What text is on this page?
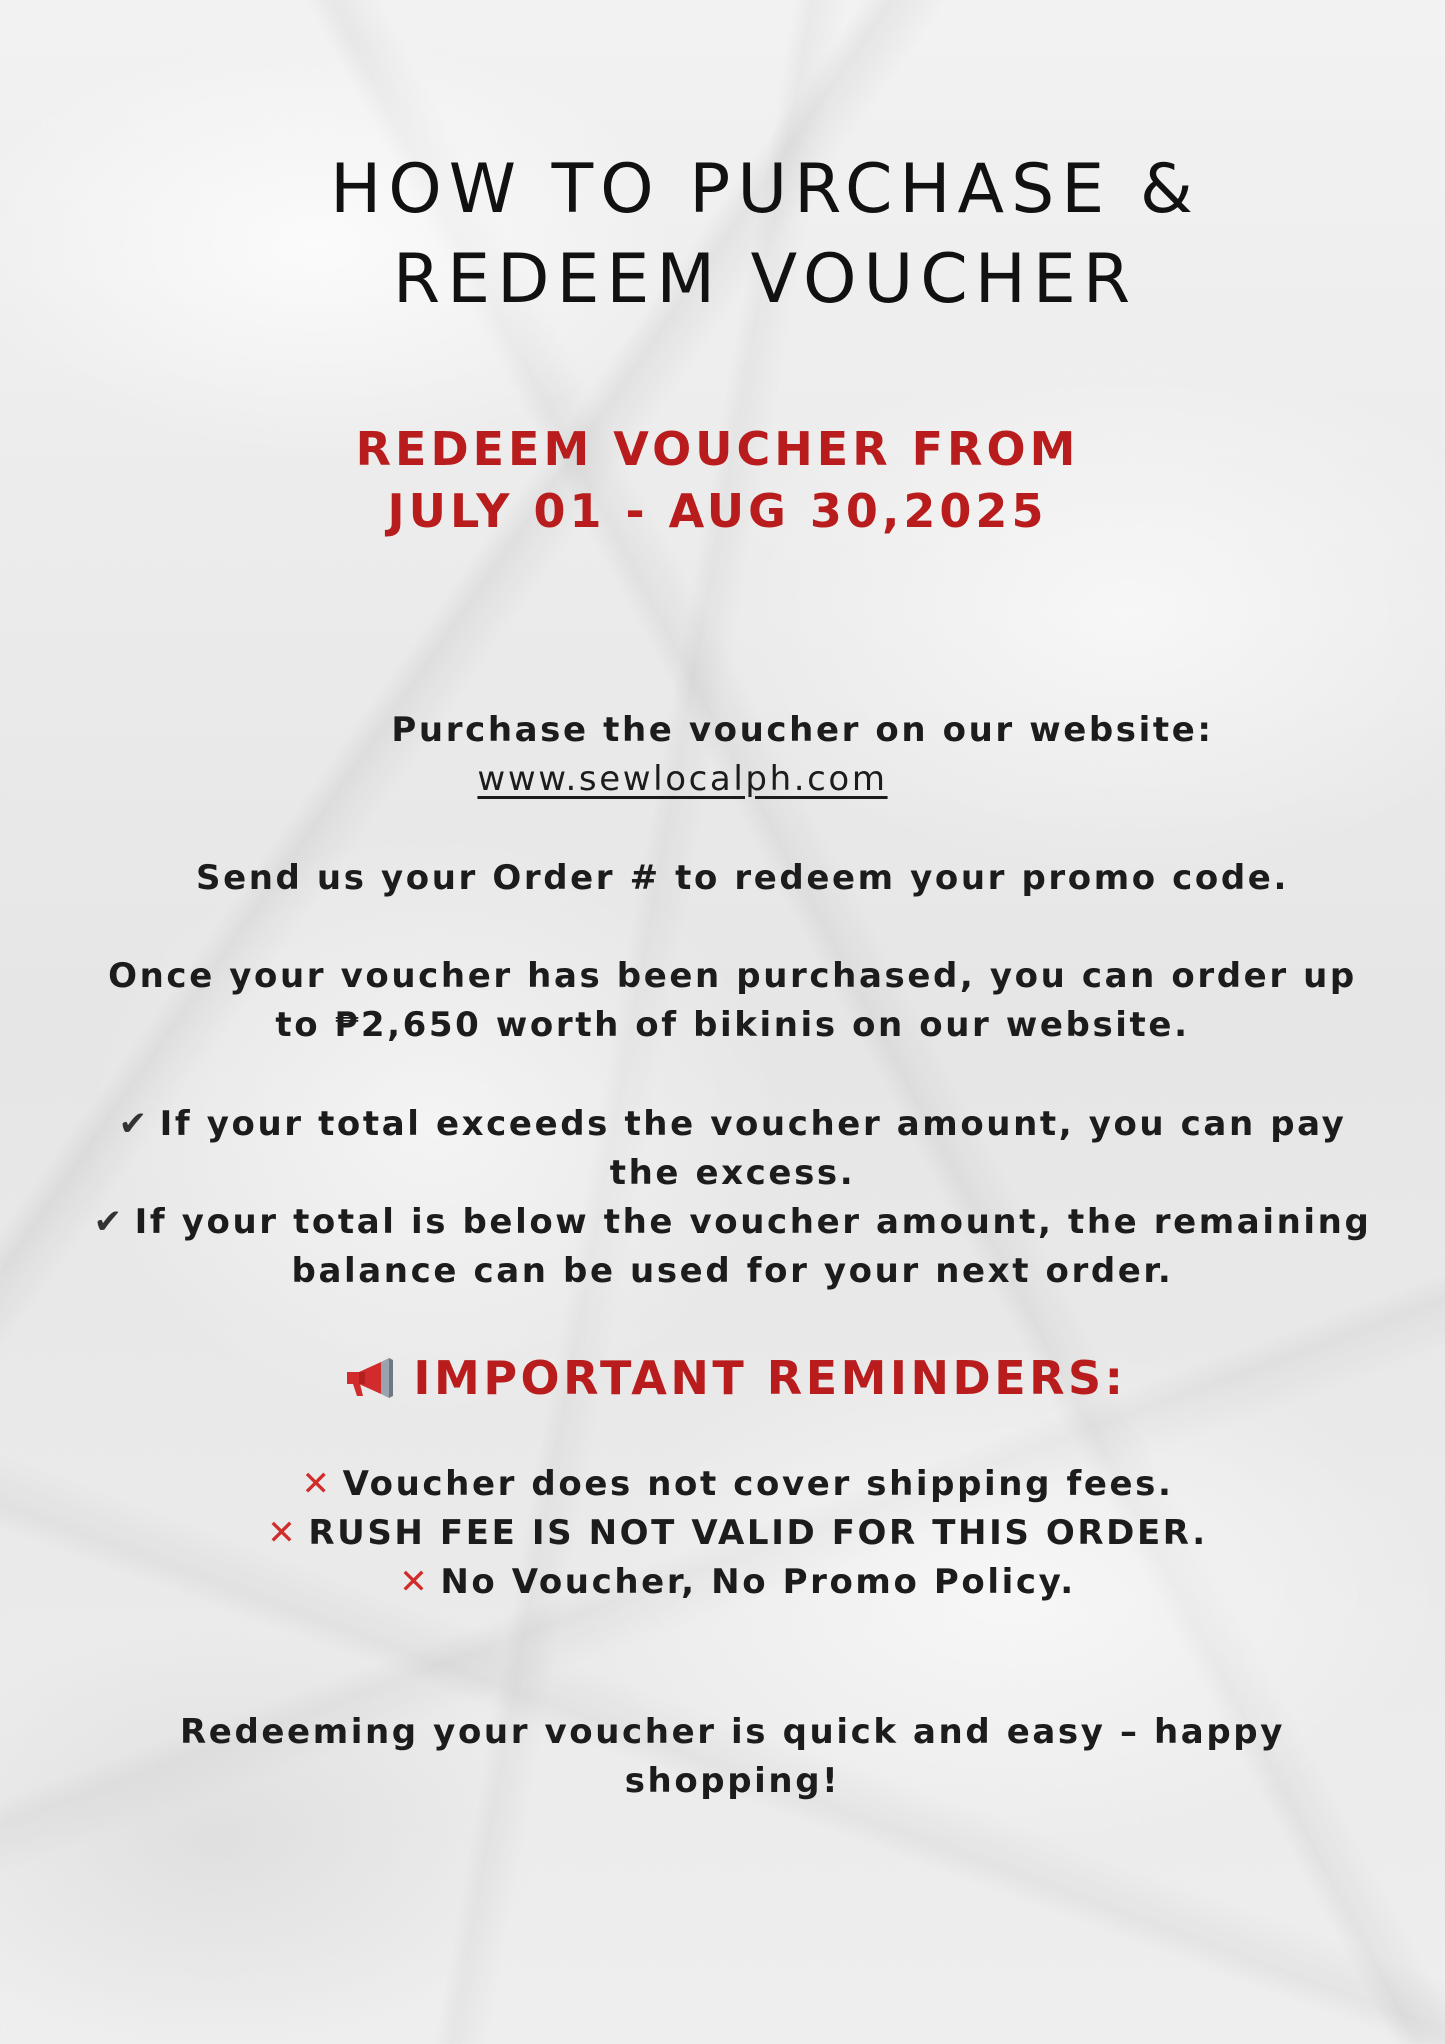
HOW TO PURCHASE &
REDEEM VOUCHER
REDEEM VOUCHER FROM
JULY 01 - AUG 30,2025
Purchase the voucher on our website:
www.sewlocalph.com
Send us your Order # to redeem your promo code.
Once your voucher has been purchased, you can order up
to ₱2,650 worth of bikinis on our website.
✔ If your total exceeds the voucher amount, you can pay
the excess.
✔ If your total is below the voucher amount, the remaining
balance can be used for your next order.
IMPORTANT REMINDERS:
✕ Voucher does not cover shipping fees.
✕ RUSH FEE IS NOT VALID FOR THIS ORDER.
✕ No Voucher, No Promo Policy.
Redeeming your voucher is quick and easy – happy
shopping!
